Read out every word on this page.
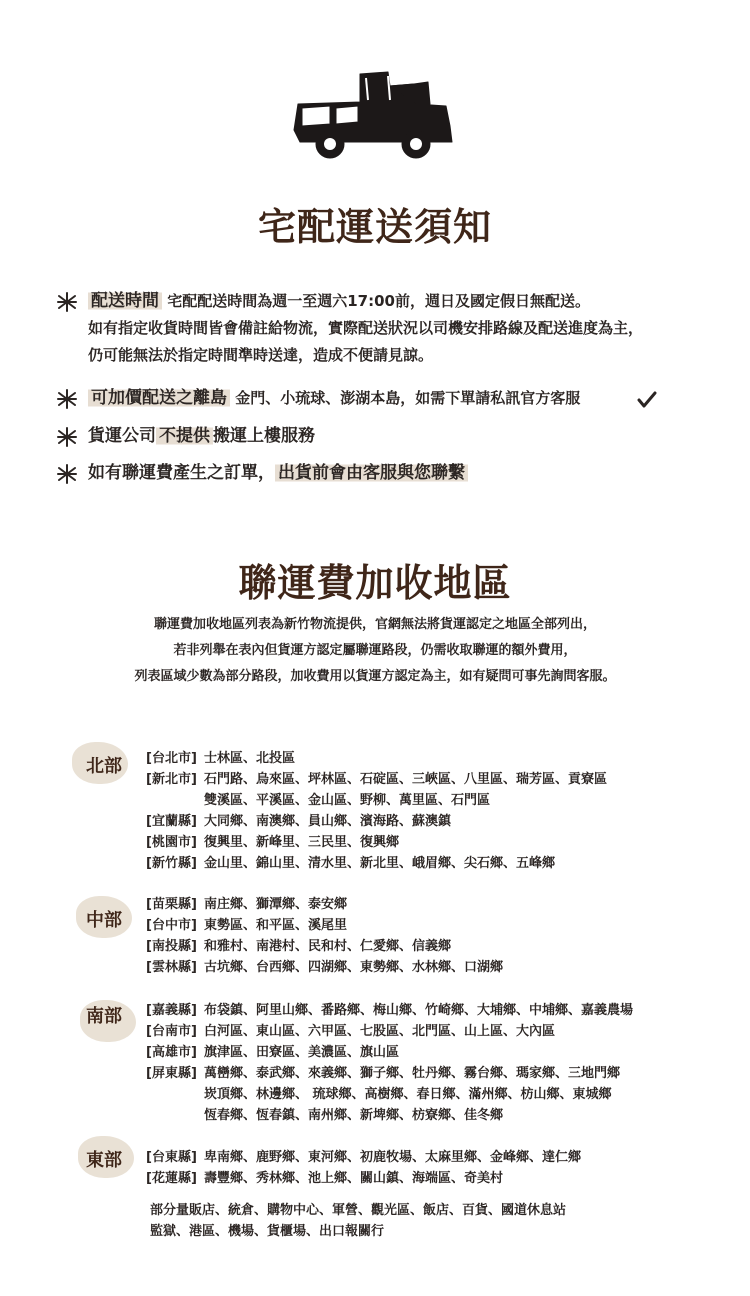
宅配運送須知
配送時間 宅配配送時間為週一至週六17:00前，週日及國定假日無配送。
如有指定收貨時間皆會備註給物流，實際配送狀況以司機安排路線及配送進度為主，
仍可能無法於指定時間準時送達，造成不便請見諒。
可加價配送之離島 金門、小琉球、澎湖本島，如需下單請私訊官方客服
貨運公司 不提供 搬運上樓服務
如有聯運費產生之訂單， 出貨前會由客服與您聯繫
聯運費加收地區
聯運費加收地區列表為新竹物流提供，官網無法將貨運認定之地區全部列出，
若非列舉在表內但貨運方認定屬聯運路段，仍需收取聯運的額外費用，
列表區域少數為部分路段，加收費用以貨運方認定為主，如有疑問可事先詢問客服。
北部 [台北市] 士林區、北投區
[新北市] 石門路、烏來區、坪林區、石碇區、三峽區、八里區、瑞芳區、貢寮區
雙溪區、平溪區、金山區、野柳、萬里區、石門區
[宜蘭縣] 大同鄉、南澳鄉、員山鄉、濱海路、蘇澳鎮
[桃園市] 復興里、新峰里、三民里、復興鄉
[新竹縣] 金山里、錦山里、清水里、新北里、峨眉鄉、尖石鄉、五峰鄉
中部
[苗栗縣] 南庄鄉、獅潭鄉、泰安鄉
[台中市] 東勢區、和平區、溪尾里
[南投縣] 和雅村、南港村、民和村、仁愛鄉、信義鄉
[雲林縣] 古坑鄉、台西鄉、四湖鄉、東勢鄉、水林鄉、口湖鄉
南部 [嘉義縣] 布袋鎮、阿里山鄉、番路鄉、梅山鄉、竹崎鄉、大埔鄉、中埔鄉、嘉義農場
[台南市] 白河區、東山區、六甲區、七股區、北門區、山上區、大內區
[高雄市] 旗津區、田寮區、美濃區、旗山區
[屏東縣] 萬巒鄉、泰武鄉、來義鄉、獅子鄉、牡丹鄉、霧台鄉、瑪家鄉、三地門鄉
崁頂鄉、林邊鄉、 琉球鄉、高樹鄉、春日鄉、滿州鄉、枋山鄉、東城鄉
恆春鄉、恆春鎮、南州鄉、新埤鄉、枋寮鄉、佳冬鄉
東部 [台東縣] 卑南鄉、鹿野鄉、東河鄉、初鹿牧場、太麻里鄉、金峰鄉、達仁鄉
[花蓮縣] 壽豐鄉、秀林鄉、池上鄉、關山鎮、海端區、奇美村
部分量販店、統倉、購物中心、軍營、觀光區、飯店、百貨、國道休息站
監獄、港區、機場、貨櫃場、出口報關行
